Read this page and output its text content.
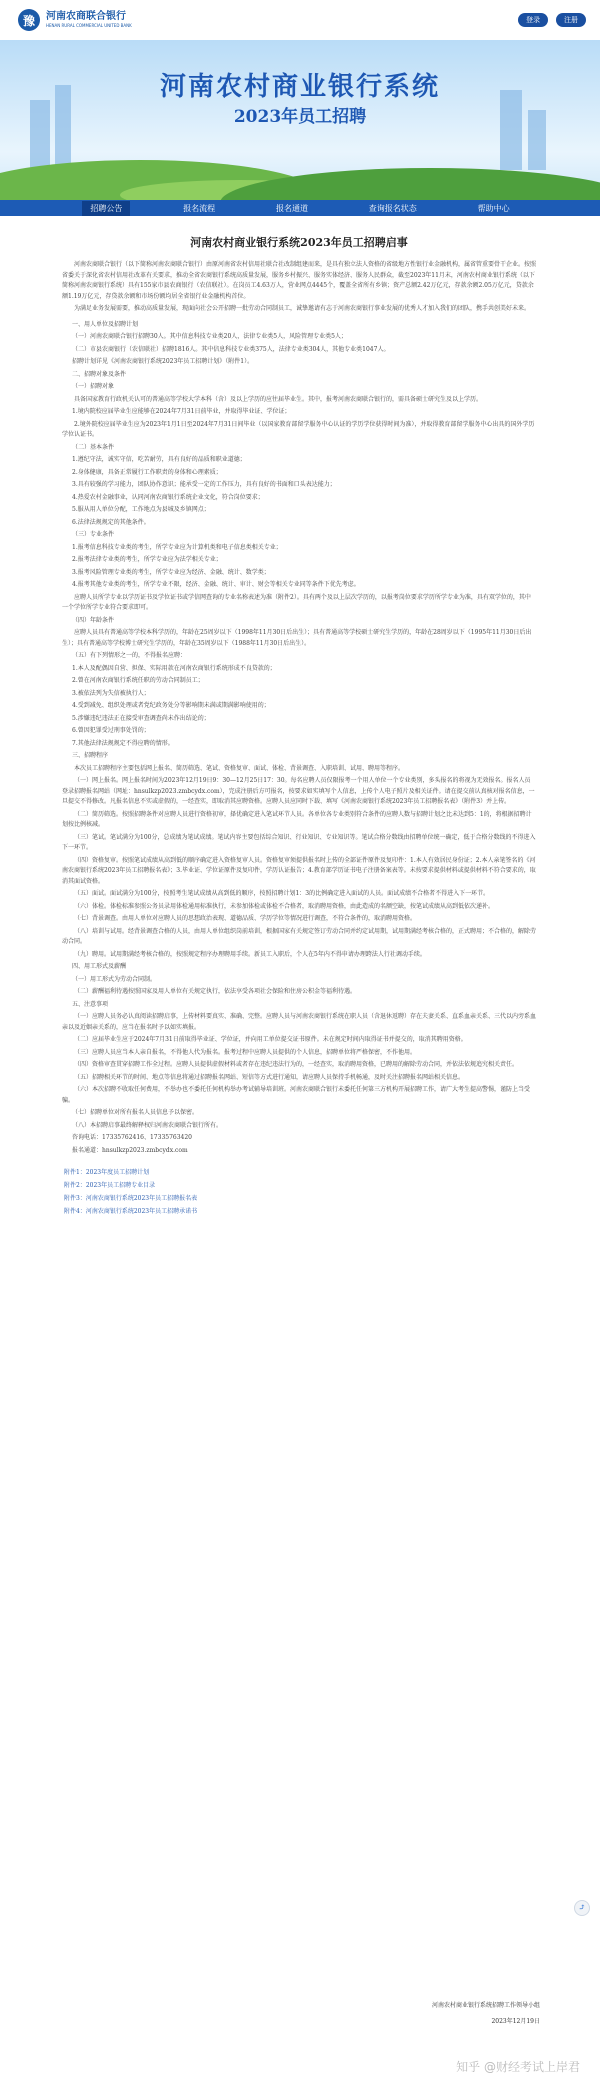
豫	河南农商联合银行
HENAN RURAL COMMERCIAL UNITED BANK
登录	注册
河南农村商业银行系统
2023年员工招聘
招聘公告	报名流程	报名通道	查询报名状态	帮助中心
河南农村商业银行系统2023年员工招聘启事

河南农商联合银行（以下简称河南农商联合银行）由原河南省农村信用社联合社改制组建而来，是具有独立法人资格的省级地方性银行业金融机构，属省管重要骨干企业。按照省委关于深化省农村信用社改革有关要求，推动全省农商银行系统高质量发展，服务乡村振兴、服务实体经济、服务人民群众，截至2023年11月末，河南农村商业银行系统（以下简称河南农商银行系统）具有155家市县农商银行（农信联社）。在岗员工4.63万人，营业网点4445个，覆盖全省所有乡镇；资产总额2.42万亿元，存款余额2.05万亿元，贷款余额1.19万亿元，存贷款余额和市场份额均居全省银行业金融机构首位。

为满足业务发展需要，推动高质量发展，现面向社会公开招聘一批劳动合同制员工，诚挚邀请有志于河南农商银行事业发展的优秀人才加入我们的团队，携手共创美好未来。

一、用人单位及招聘计划

（一）河南农商联合银行招聘30人。其中信息科技专业类20人，法律专业类5人，风险管理专业类5人；

（二）市县农商银行（农信联社）招聘1816人。其中信息科技专业类375人，法律专业类304人，其他专业类1047人。

招聘计划详见《河南农商银行系统2023年员工招聘计划》（附件1）。

二、招聘对象及条件

（一）招聘对象

具备国家教育行政机关认可的普通高等学校大学本科（含）及以上学历的应往届毕业生。其中，报考河南农商联合银行的，需具备硕士研究生及以上学历。

1.境内院校应届毕业生应能够在2024年7月31日前毕业，并取得毕业证、学位证；

2.境外院校应届毕业生应为2023年1月1日至2024年7月31日间毕业（以国家教育部留学服务中心认证的学历学位获得时间为准），并取得教育部留学服务中心出具的国外学历学位认证书。

（二）基本条件

1.遵纪守法，诚实守信，吃苦耐劳，具有良好的品质和职业道德；

2.身体健康，具备正常履行工作职责的身体和心理素质；

3.具有较强的学习能力，团队协作意识；能承受一定的工作压力，具有良好的书面和口头表达能力；

4.热爱农村金融事业，认同河南农商银行系统企业文化，符合岗位要求；

5.服从用人单位分配，工作地点为县城及乡镇网点；

6.法律法规规定的其他条件。

（三）专业条件

1.报考信息科技专业类的考生，所学专业应为计算机类和电子信息类相关专业；

2.报考法律专业类的考生，所学专业应为法学相关专业；

3.报考风险管理专业类的考生，所学专业应为经济、金融、统计、数学类；

4.报考其他专业类的考生，所学专业不限，经济、金融、统计、审计、财会等相关专业同等条件下优先考虑。

应聘人员所学专业以学历证书及学位证书或学信网查询的专业名称表述为准（附件2）。具有两个及以上层次学历的，以报考岗位要求学历所学专业为准，具有双学位的，其中一个学位所学专业符合要求即可。

（四）年龄条件

应聘人员具有普通高等学校本科学历的，年龄在25周岁以下（1998年11月30日后出生）；具有普通高等学校硕士研究生学历的，年龄在28周岁以下（1995年11月30日后出生）；具有普通高等学校博士研究生学历的，年龄在35周岁以下（1988年11月30日后出生）。

（五）有下列情形之一的，不得报名应聘：

1.本人及配偶因自营、担保、实际用款在河南农商银行系统形成不良贷款的；

2.曾在河南农商银行系统任职的劳动合同制员工；

3.被依法列为失信被执行人；

4.受到减免、组织处理或者党纪政务处分等影响期未满或期满影响使用的；

5.涉嫌违纪违法正在接受审查调查尚未作出结论的；

6.曾因犯罪受过刑事处罚的；

7.其他法律法规规定不得应聘的情形。

三、招聘程序

本次员工招聘程序主要包括网上报名、简历筛选、笔试、资格复审、面试、体检、背景调查、入职培训、试用、聘用等程序。

（一）网上报名。网上报名时间为2023年12月19日9：30—12月25日17：30。每名应聘人员仅限报考一个用人单位一个专业类别，多头报名的将视为无效报名。报名人员登录招聘报名网站（网址：hnsulkzp2023.zmbcydx.com），完成注册后方可报名，按要求如实填写个人信息，上传个人电子照片及相关证件。请在提交前认真核对报名信息，一旦提交不得修改。凡报名信息不实或虚假的，一经查实，即取消其应聘资格。应聘人员应同时下载、填写《河南农商银行系统2023年员工招聘报名表》（附件3）并上传。

（二）简历筛选。按照招聘条件对应聘人员进行资格初审，择优确定进入笔试环节人员。各单位各专业类别符合条件的应聘人数与招聘计划之比未达到5：1的，将根据招聘计划按比例核减。

（三）笔试。笔试满分为100分，总成绩为笔试成绩。笔试内容主要包括综合知识、行业知识、专业知识等。笔试合格分数线由招聘单位统一确定，低于合格分数线的不得进入下一环节。

（四）资格复审。按照笔试成绩从高到低的顺序确定进入资格复审人员。资格复审须提供报名时上传的全部证件原件及复印件：1.本人有效居民身份证；2.本人亲笔签名的《河南农商银行系统2023年员工招聘报名表》；3.毕业证、学位证原件及复印件，学历认证报告；4.教育部学历证书电子注册备案表等。未按要求提供材料或提供材料不符合要求的，取消其面试资格。

（五）面试。面试满分为100分，按照考生笔试成绩从高到低的顺序，按照招聘计划1：3的比例确定进入面试的人员。面试成绩不合格者不得进入下一环节。

（六）体检。体检标准参照公务员录用体检通用标准执行，未参加体检或体检不合格者，取消聘用资格，由此造成的名额空缺，按笔试成绩从高到低依次递补。

（七）背景调查。由用人单位对应聘人员的思想政治表现、道德品质、学历学位等情况进行调查，不符合条件的，取消聘用资格。

（八）培训与试用。经背景调查合格的人员，由用人单位组织岗前培训，根据国家有关规定签订劳动合同并约定试用期，试用期满经考核合格的，正式聘用；不合格的，解除劳动合同。

（九）聘用。试用期满经考核合格的，按照规定程序办理聘用手续。新员工入职后，个人在5年内不得申请办理跨法人行社调动手续。

四、用工形式及薪酬

（一）用工形式为劳动合同制。

（二）薪酬福利待遇按照国家及用人单位有关规定执行，依法享受各项社会保险和住房公积金等福利待遇。

五、注意事项

（一）应聘人员务必认真阅读招聘启事，上传材料要真实、准确、完整。应聘人员与河南农商银行系统在职人员（含退休返聘）存在夫妻关系、直系血亲关系、三代以内旁系血亲以及近姻亲关系的，应当在报名时予以如实填报。

（二）应届毕业生应于2024年7月31日前取得毕业证、学位证，并向用工单位提交证书原件。未在规定时间内取得证书并提交的，取消其聘用资格。

（三）应聘人员应当本人亲自报名，不得他人代为报名。报考过程中应聘人员提供的个人信息，招聘单位将严格保密，不作他用。

（四）资格审查贯穿招聘工作全过程。应聘人员提供虚假材料或者存在违纪违法行为的，一经查实，取消聘用资格，已聘用的解除劳动合同，并依法依规追究相关责任。

（五）招聘相关环节的时间、地点等信息将通过招聘报名网站、短信等方式进行通知，请应聘人员保持手机畅通，及时关注招聘报名网站相关信息。

（六）本次招聘不收取任何费用，不举办也不委托任何机构举办考试辅导培训班。河南农商联合银行未委托任何第三方机构开展招聘工作，请广大考生提高警惕，谨防上当受骗。

（七）招聘单位对所有报名人员信息予以保密。

（八）本招聘启事最终解释权归河南农商联合银行所有。

咨询电话：17335762416、17335763420

报名通道：hnsulkzp2023.zmbcydx.com

附件1：2023年度员工招聘计划

附件2：2023年员工招聘专业目录

附件3：河南农商银行系统2023年员工招聘报名表

附件4：河南农商银行系统2023年员工招聘承诺书

河南农村商业银行系统招聘工作领导小组
2023年12月19日
⤴
知乎 @财经考试上岸君
